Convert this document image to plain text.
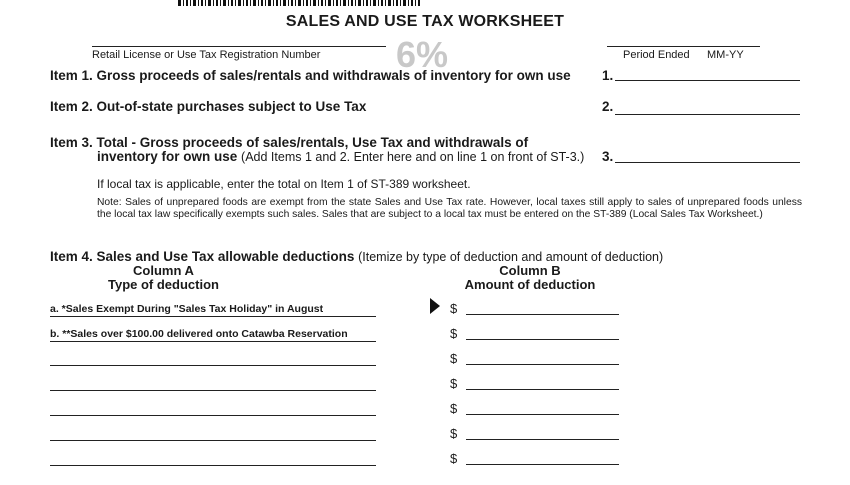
SALES AND USE TAX WORKSHEET
Retail License or Use Tax Registration Number 6%	Period Ended MM-YY
Item 1. Gross proceeds of sales/rentals and withdrawals of inventory for own use 1.
Item 2. Out-of-state purchases subject to Use Tax	2.
Item 3. Total - Gross proceeds of sales/rentals, Use Tax and withdrawals of
inventory for own use (Add Items 1 and 2. Enter here and on line 1 on front of ST-3.) 3.
If local tax is applicable, enter the total on Item 1 of ST-389 worksheet.
Note: Sales of unprepared foods are exempt from the state Sales and Use Tax rate. However, local taxes still apply to sales of unprepared foods unless the local tax law specifically exempts such sales. Sales that are subject to a local tax must be entered on the ST-389 (Local Sales Tax Worksheet.)
Item 4. Sales and Use Tax allowable deductions (Itemize by type of deduction and amount of deduction)
Column A
Type of deduction
Column B
Amount of deduction
a. *Sales Exempt During "Sales Tax Holiday" in August	$
b. **Sales over $100.00 delivered onto Catawba Reservation	$
$
$
$
$
$
